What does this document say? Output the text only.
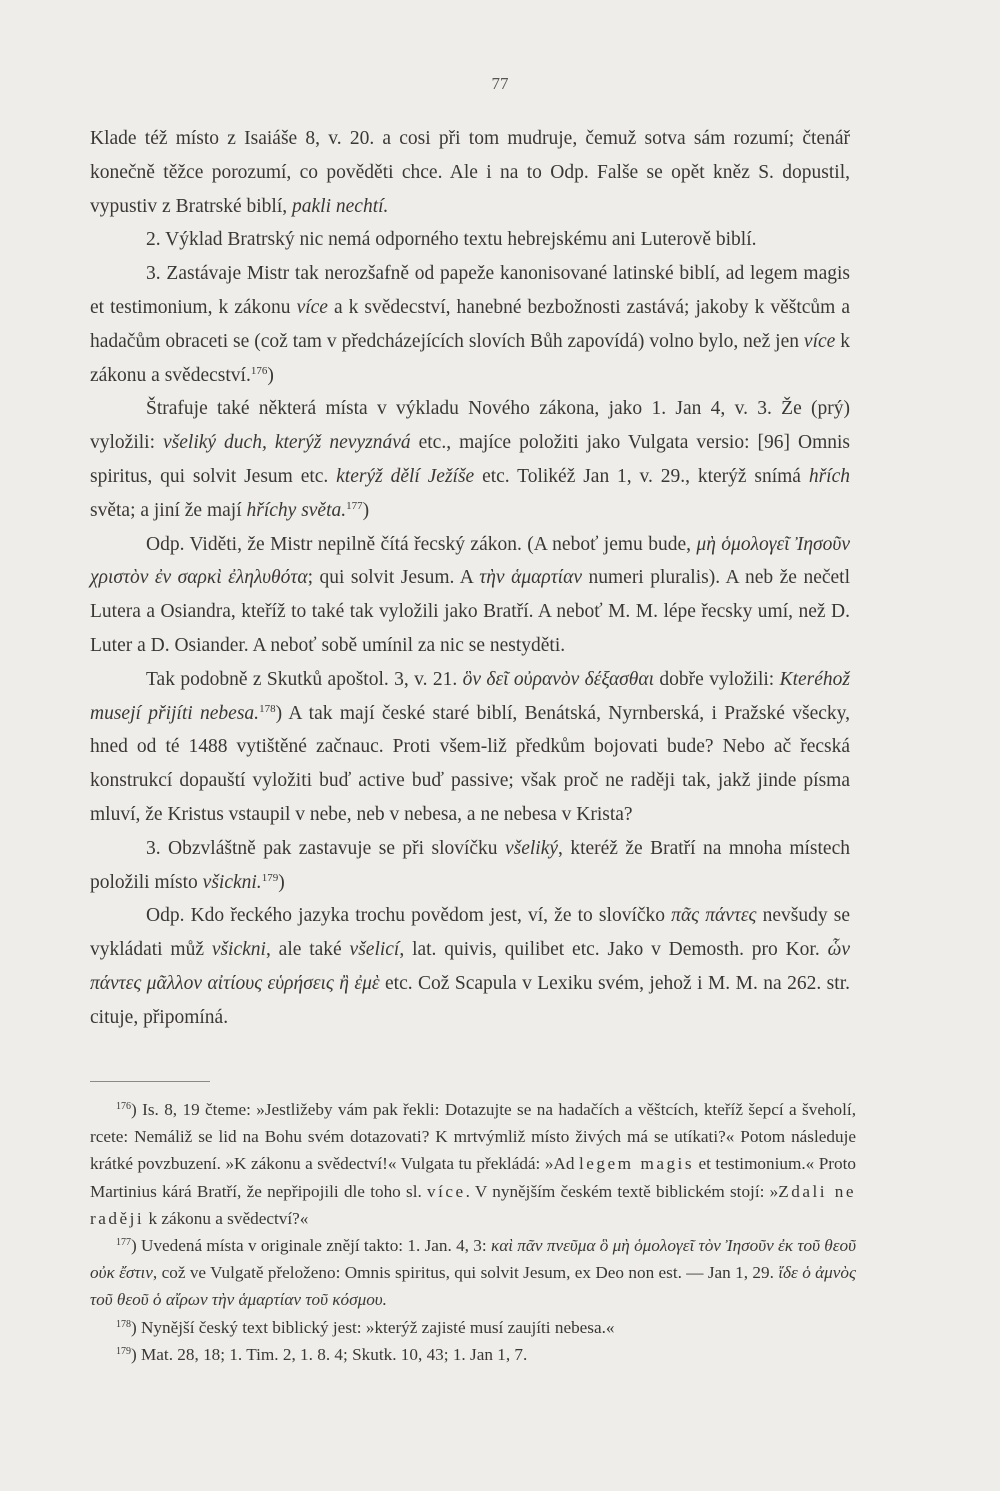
77

Klade též místo z Isaiáše 8, v. 20. a cosi při tom mudruje, čemuž sotva sám rozumí; čtenář konečně těžce porozumí, co pověděti chce. Ale i na to Odp. Falše se opět kněz S. dopustil, vypustiv z Bratrské biblí, pakli nechtí.

2. Výklad Bratrský nic nemá odporného textu hebrejskému ani Luterově biblí.

3. Zastávaje Mistr tak nerozšafně od papeže kanonisované latinské biblí, ad legem magis et testimonium, k zákonu více a k svědecství, hanebné bezbožnosti zastává; jakoby k věštcům a hadačům obraceti se (což tam v předcházejících slovích Bůh zapovídá) volno bylo, než jen více k zákonu a svědecství.$^{176}$)

Štrafuje také některá místa v výkladu Nového zákona, jako 1. Jan 4, v. 3. Že (prý) vyložili: všeliký duch, kterýž nevyznává etc., majíce položiti jako Vulgata versio: [96] Omnis spiritus, qui solvit Jesum etc. kterýž dělí Ježíše etc. Tolikéž Jan 1, v. 29., kterýž snímá hřích světa; a jiní že mají hříchy světa.$^{177}$)

Odp. Viděti, že Mistr nepilně čítá řecský zákon. (A neboť jemu bude, μὴ ὁμολογεῖ Ἰησοῦν χριστὸν ἐν σαρκὶ ἐληλυθότα; qui solvit Jesum. A τὴν ἁμαρτίαν numeri pluralis). A neb že nečetl Lutera a Osiandra, kteříž to také tak vyložili jako Bratří. A neboť M. M. lépe řecsky umí, než D. Luter a D. Osiander. A neboť sobě umínil za nic se nestyděti.

Tak podobně z Skutků apoštol. 3, v. 21. ὃν δεῖ οὐρανὸν δέξασθαι dobře vyložili: Kteréhož musejí přijíti nebesa.$^{178}$) A tak mají české staré biblí, Benátská, Nyrnberská, i Pražské všecky, hned od té 1488 vytištěné začnauc. Proti všem-liž předkům bojovati bude? Nebo ač řecská konstrukcí dopauští vyložiti buď active buď passive; však proč ne raději tak, jakž jinde písma mluví, že Kristus vstaupil v nebe, neb v nebesa, a ne nebesa v Krista?

3. Obzvláštně pak zastavuje se při slovíčku všeliký, kteréž že Bratří na mnoha místech položili místo všickni.$^{179}$)

Odp. Kdo řeckého jazyka trochu povědom jest, ví, že to slovíčko πᾶς πάντες nevšudy se vykládati můž všickni, ale také všelicí, lat. quivis, quilibet etc. Jako v Demosth. pro Kor. ὧν πάντες μᾶλλον αἰτίους εὑρήσεις ἢ ἐμὲ etc. Což Scapula v Lexiku svém, jehož i M. M. na 262. str. cituje, připomíná.

$^{176}$) Is. 8, 19 čteme: »Jestližeby vám pak řekli: Dotazujte se na hadačích a věštcích, kteříž šepcí a šveholí, rcete: Nemáliž se lid na Bohu svém dotazovati? K mrtvýmliž místo živých má se utíkati?« Potom následuje krátké povzbuzení. »K zákonu a svědectví!« Vulgata tu překládá: »Ad legem magis et testimonium.« Proto Martinius kárá Bratří, že nepřipojili dle toho sl. více. V nynějším českém textě biblickém stojí: »Zdali ne raději k zákonu a svědectví?«

$^{177}$) Uvedená místa v originale znějí takto: 1. Jan. 4, 3: καὶ πᾶν πνεῦμα ὃ μὴ ὁμολογεῖ τὸν Ἰησοῦν ἐκ τοῦ θεοῦ οὐκ ἔστιν, což ve Vulgatě přeloženo: Omnis spiritus, qui solvit Jesum, ex Deo non est. — Jan 1, 29. ἴδε ὁ ἀμνὸς τοῦ θεοῦ ὁ αἴρων τὴν ἁμαρτίαν τοῦ κόσμου.

$^{178}$) Nynější český text biblický jest: »kterýž zajisté musí zaujíti nebesa.«

$^{179}$) Mat. 28, 18; 1. Tim. 2, 1. 8. 4; Skutk. 10, 43; 1. Jan 1, 7.
